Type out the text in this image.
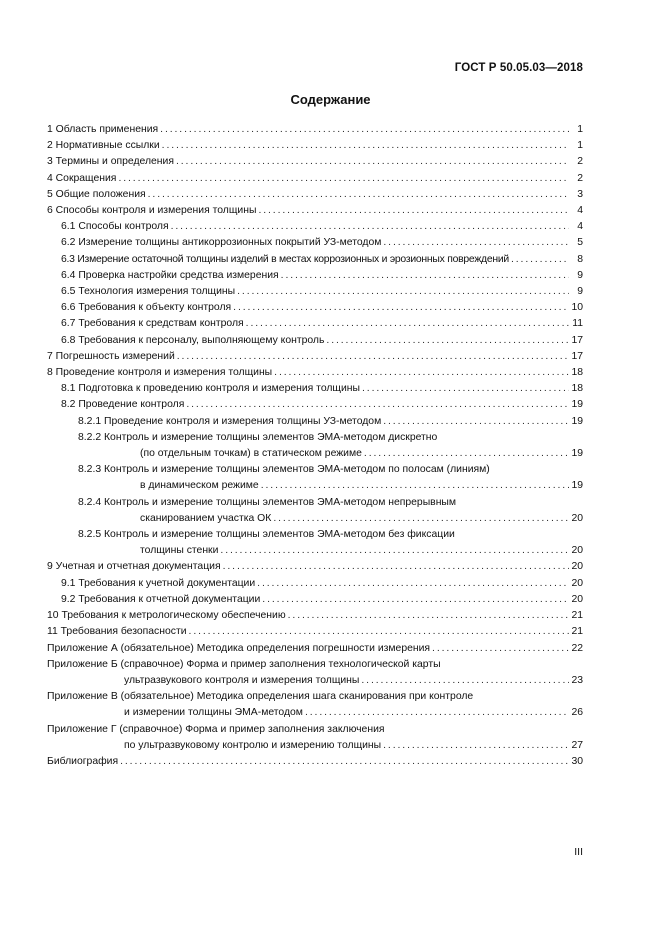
ГОСТ Р 50.05.03—2018
Содержание
1 Область применения .....	1
2 Нормативные ссылки .....	1
3 Термины и определения .....	2
4 Сокращения .....	2
5 Общие положения .....	3
6 Способы контроля и измерения толщины .....	4
6.1 Способы контроля .....	4
6.2 Измерение толщины антикоррозионных покрытий УЗ-методом .....	5
6.3 Измерение остаточной толщины изделий в местах коррозионных и эрозионных повреждений .....	8
6.4 Проверка настройки средства измерения .....	9
6.5 Технология измерения толщины .....	9
6.6 Требования к объекту контроля .....	10
6.7 Требования к средствам контроля .....	11
6.8 Требования к персоналу, выполняющему контроль .....	17
7 Погрешность измерений .....	17
8 Проведение контроля и измерения толщины .....	18
8.1 Подготовка к проведению контроля и измерения толщины .....	18
8.2 Проведение контроля .....	19
8.2.1 Проведение контроля и измерения толщины УЗ-методом .....	19
8.2.2 Контроль и измерение толщины элементов ЭМА-методом дискретно
(по отдельным точкам) в статическом режиме .....	19
8.2.3 Контроль и измерение толщины элементов ЭМА-методом по полосам (линиям)
в динамическом режиме .....	19
8.2.4 Контроль и измерение толщины элементов ЭМА-методом непрерывным
сканированием участка ОК .....	20
8.2.5 Контроль и измерение толщины элементов ЭМА-методом без фиксации
толщины стенки .....	20
9 Учетная и отчетная документация .....	20
9.1 Требования к учетной документации .....	20
9.2 Требования к отчетной документации .....	20
10 Требования к метрологическому обеспечению .....	21
11 Требования безопасности .....	21
Приложение А (обязательное) Методика определения погрешности измерения .....	22
Приложение Б (справочное) Форма и пример заполнения технологической карты
ультразвукового контроля и измерения толщины .....	23
Приложение В (обязательное) Методика определения шага сканирования при контроле
и измерении толщины ЭМА-методом .....	26
Приложение Г (справочное) Форма и пример заполнения заключения
по ультразвуковому контролю и измерению толщины .....	27
Библиография .....	30
III
